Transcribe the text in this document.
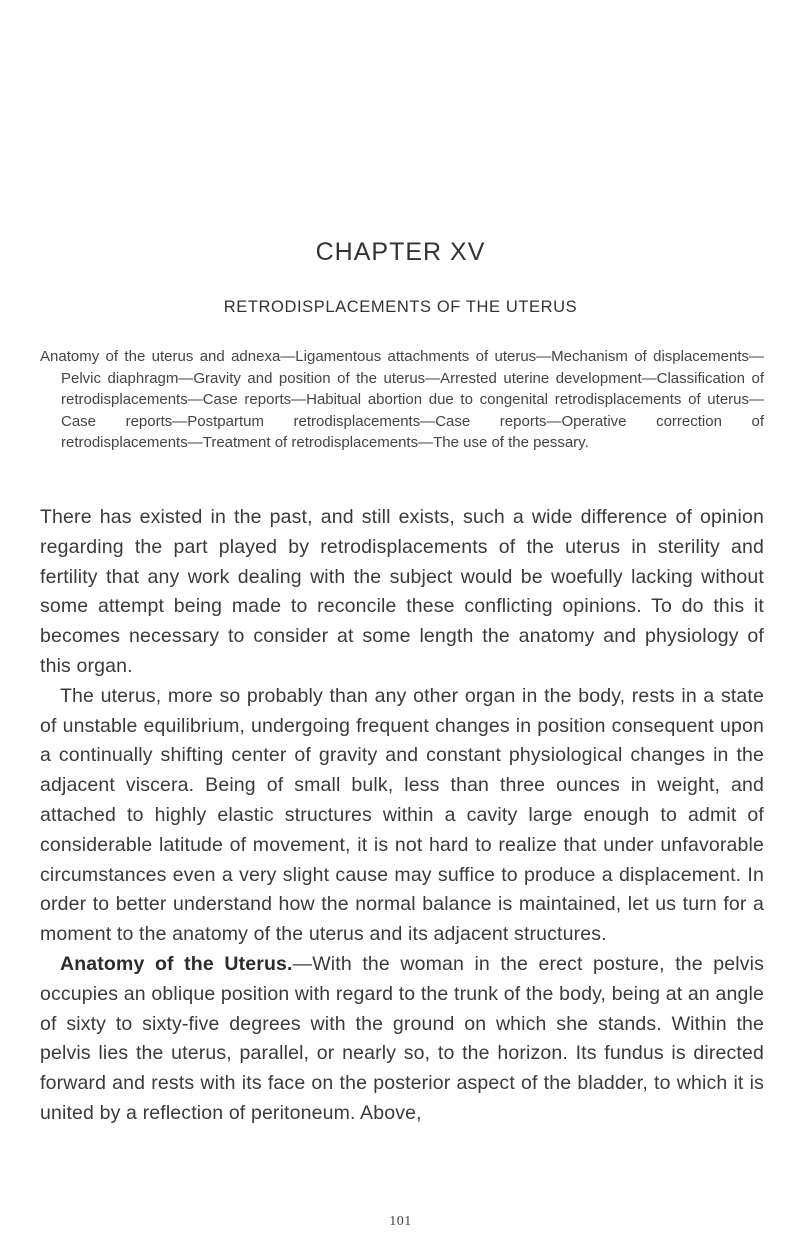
CHAPTER XV
RETRODISPLACEMENTS OF THE UTERUS

Anatomy of the uterus and adnexa—Ligamentous attachments of uterus—Mechanism of displacements—Pelvic diaphragm—Gravity and position of the uterus—Arrested uterine development—Classification of retrodisplacements—Case reports—Habitual abortion due to congenital retrodisplacements of uterus—Case reports—Postpartum retrodisplacements—Case reports—Operative correction of retrodisplacements—Treatment of retrodisplacements—The use of the pessary.

There has existed in the past, and still exists, such a wide difference of opinion regarding the part played by retrodisplacements of the uterus in sterility and fertility that any work dealing with the subject would be woefully lacking without some attempt being made to reconcile these conflicting opinions. To do this it becomes necessary to consider at some length the anatomy and physiology of this organ.

The uterus, more so probably than any other organ in the body, rests in a state of unstable equilibrium, undergoing frequent changes in position consequent upon a continually shifting center of gravity and constant physiological changes in the adjacent viscera. Being of small bulk, less than three ounces in weight, and attached to highly elastic structures within a cavity large enough to admit of considerable latitude of movement, it is not hard to realize that under unfavorable circumstances even a very slight cause may suffice to produce a displacement. In order to better understand how the normal balance is maintained, let us turn for a moment to the anatomy of the uterus and its adjacent structures.

Anatomy of the Uterus.—With the woman in the erect posture, the pelvis occupies an oblique position with regard to the trunk of the body, being at an angle of sixty to sixty-five degrees with the ground on which she stands. Within the pelvis lies the uterus, parallel, or nearly so, to the horizon. Its fundus is directed forward and rests with its face on the posterior aspect of the bladder, to which it is united by a reflection of peritoneum. Above,

101
